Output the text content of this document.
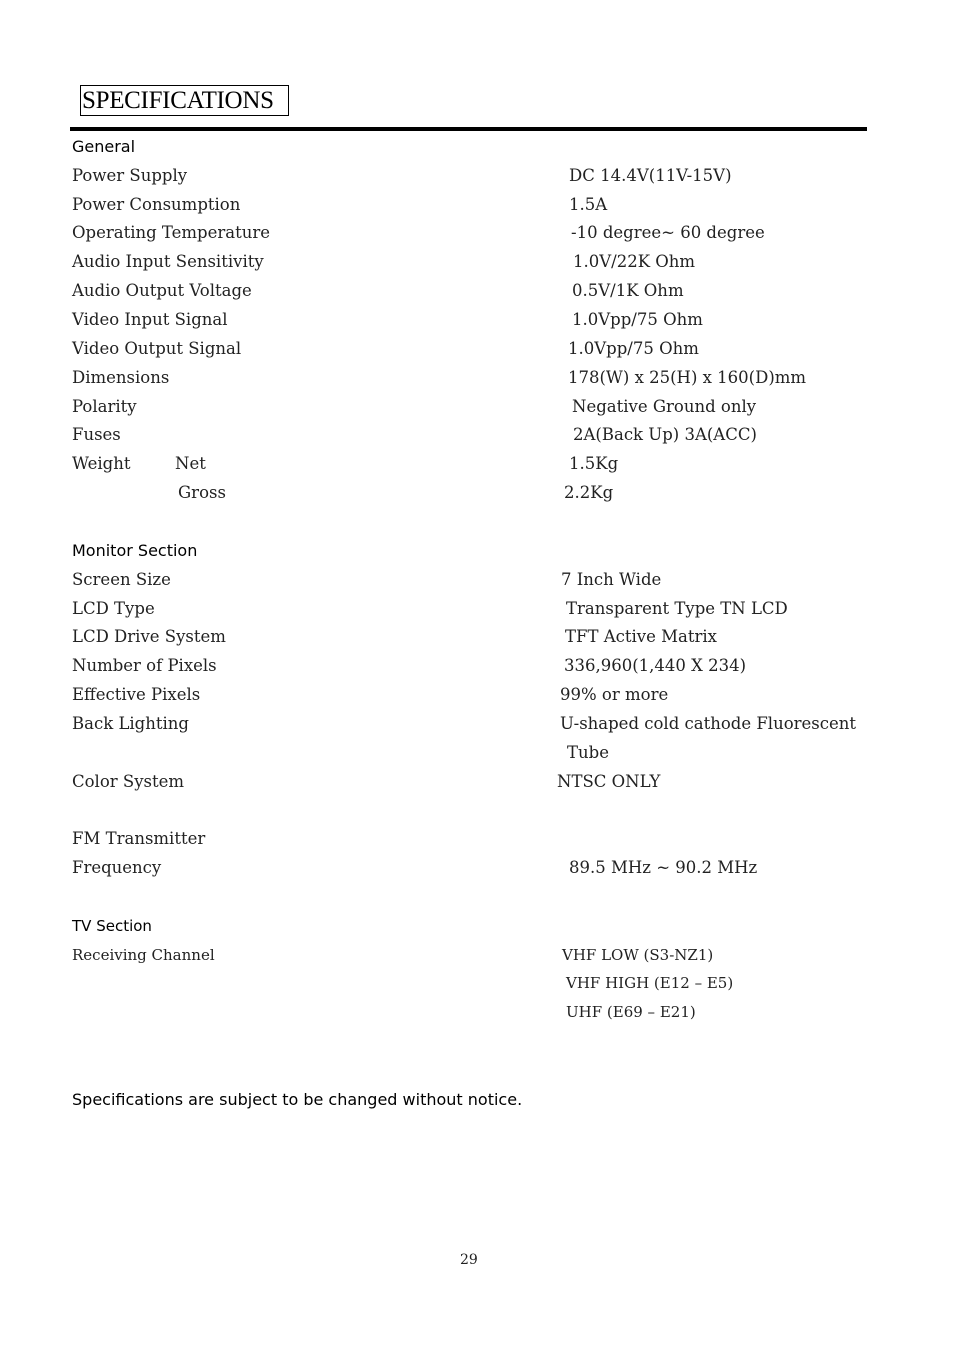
SPECIFICATIONS
General
Power Supply	DC 14.4V(11V-15V)
Power Consumption	1.5A
Operating Temperature	-10 degree~ 60 degree
Audio Input Sensitivity	1.0V/22K Ohm
Audio Output Voltage	0.5V/1K Ohm
Video Input Signal	1.0Vpp/75 Ohm
Video Output Signal	1.0Vpp/75 Ohm
Dimensions	178(W) x 25(H) x 160(D)mm
Polarity	Negative Ground only
Fuses	2A(Back Up) 3A(ACC)
Weight	Net	1.5Kg
Gross	2.2Kg
Monitor Section
Screen Size	7 Inch Wide
LCD Type	Transparent Type TN LCD
LCD Drive System	TFT Active Matrix
Number of Pixels	336,960(1,440 X 234)
Effective Pixels	99% or more
Back Lighting	U-shaped cold cathode Fluorescent
Tube
Color System	NTSC ONLY
FM Transmitter
Frequency	89.5 MHz ~ 90.2 MHz
TV Section
Receiving Channel	VHF LOW (S3-NZ1)
VHF HIGH (E12 – E5)
UHF (E69 – E21)
Specifications are subject to be changed without notice.
29
